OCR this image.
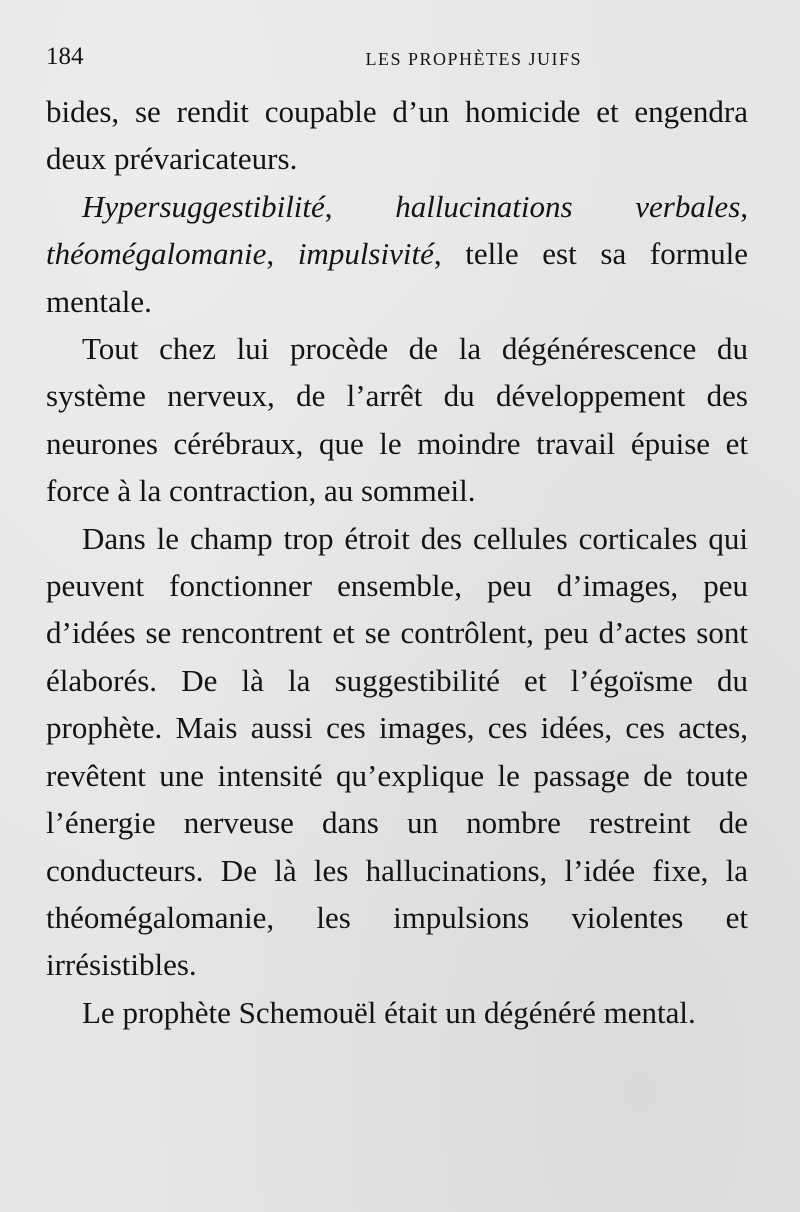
184	LES PROPHÈTES JUIFS

bides, se rendit coupable d’un homicide et engendra deux prévaricateurs.

Hypersuggestibilité, hallucinations verbales, théomégalomanie, impulsivité, telle est sa formule mentale.

Tout chez lui procède de la dégénérescence du système nerveux, de l’arrêt du développement des neurones cérébraux, que le moindre travail épuise et force à la contraction, au sommeil.

Dans le champ trop étroit des cellules corticales qui peuvent fonctionner ensemble, peu d’images, peu d’idées se rencontrent et se contrôlent, peu d’actes sont élaborés. De là la suggestibilité et l’égoïsme du prophète. Mais aussi ces images, ces idées, ces actes, revêtent une intensité qu’explique le passage de toute l’énergie nerveuse dans un nombre restreint de conducteurs. De là les hallucinations, l’idée fixe, la théomégalomanie, les impulsions violentes et irrésistibles.

Le prophète Schemouël était un dégénéré mental.
